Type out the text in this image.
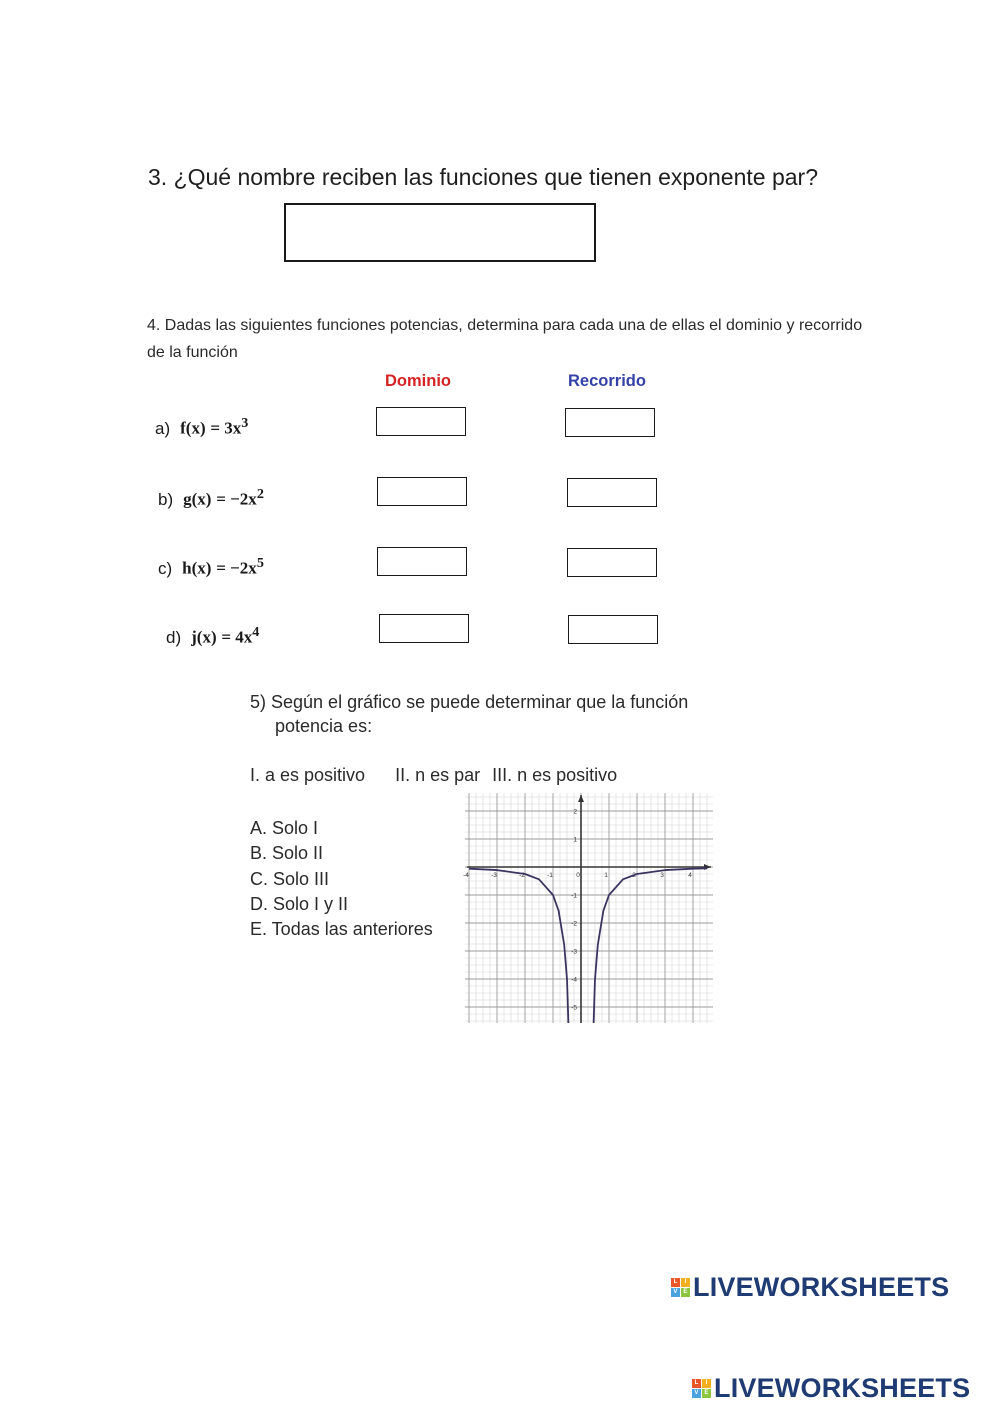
3. ¿Qué nombre reciben las funciones que tienen exponente par?
4. Dadas las siguientes funciones potencias, determina para cada una de ellas el dominio y recorrido de la función
Dominio	Recorrido
a) $f(x) = 3x^3$
b) $g(x) = -2x^2$
c) $h(x) = -2x^5$
d) $j(x) = 4x^4$
5) Según el gráfico se puede determinar que la función
potencia es:
I. a es positivo II. n es par III. n es positivo
A. Solo I
B. Solo II
C. Solo III
D. Solo I y II
E. Todas las anteriores
-4	-3	-2	-1	0	1	2	3	4
2
1
-1
-2
-3
-4
-5
L	I
V E LIVEWORKSHEETS
L	I
V E LIVEWORKSHEETS
